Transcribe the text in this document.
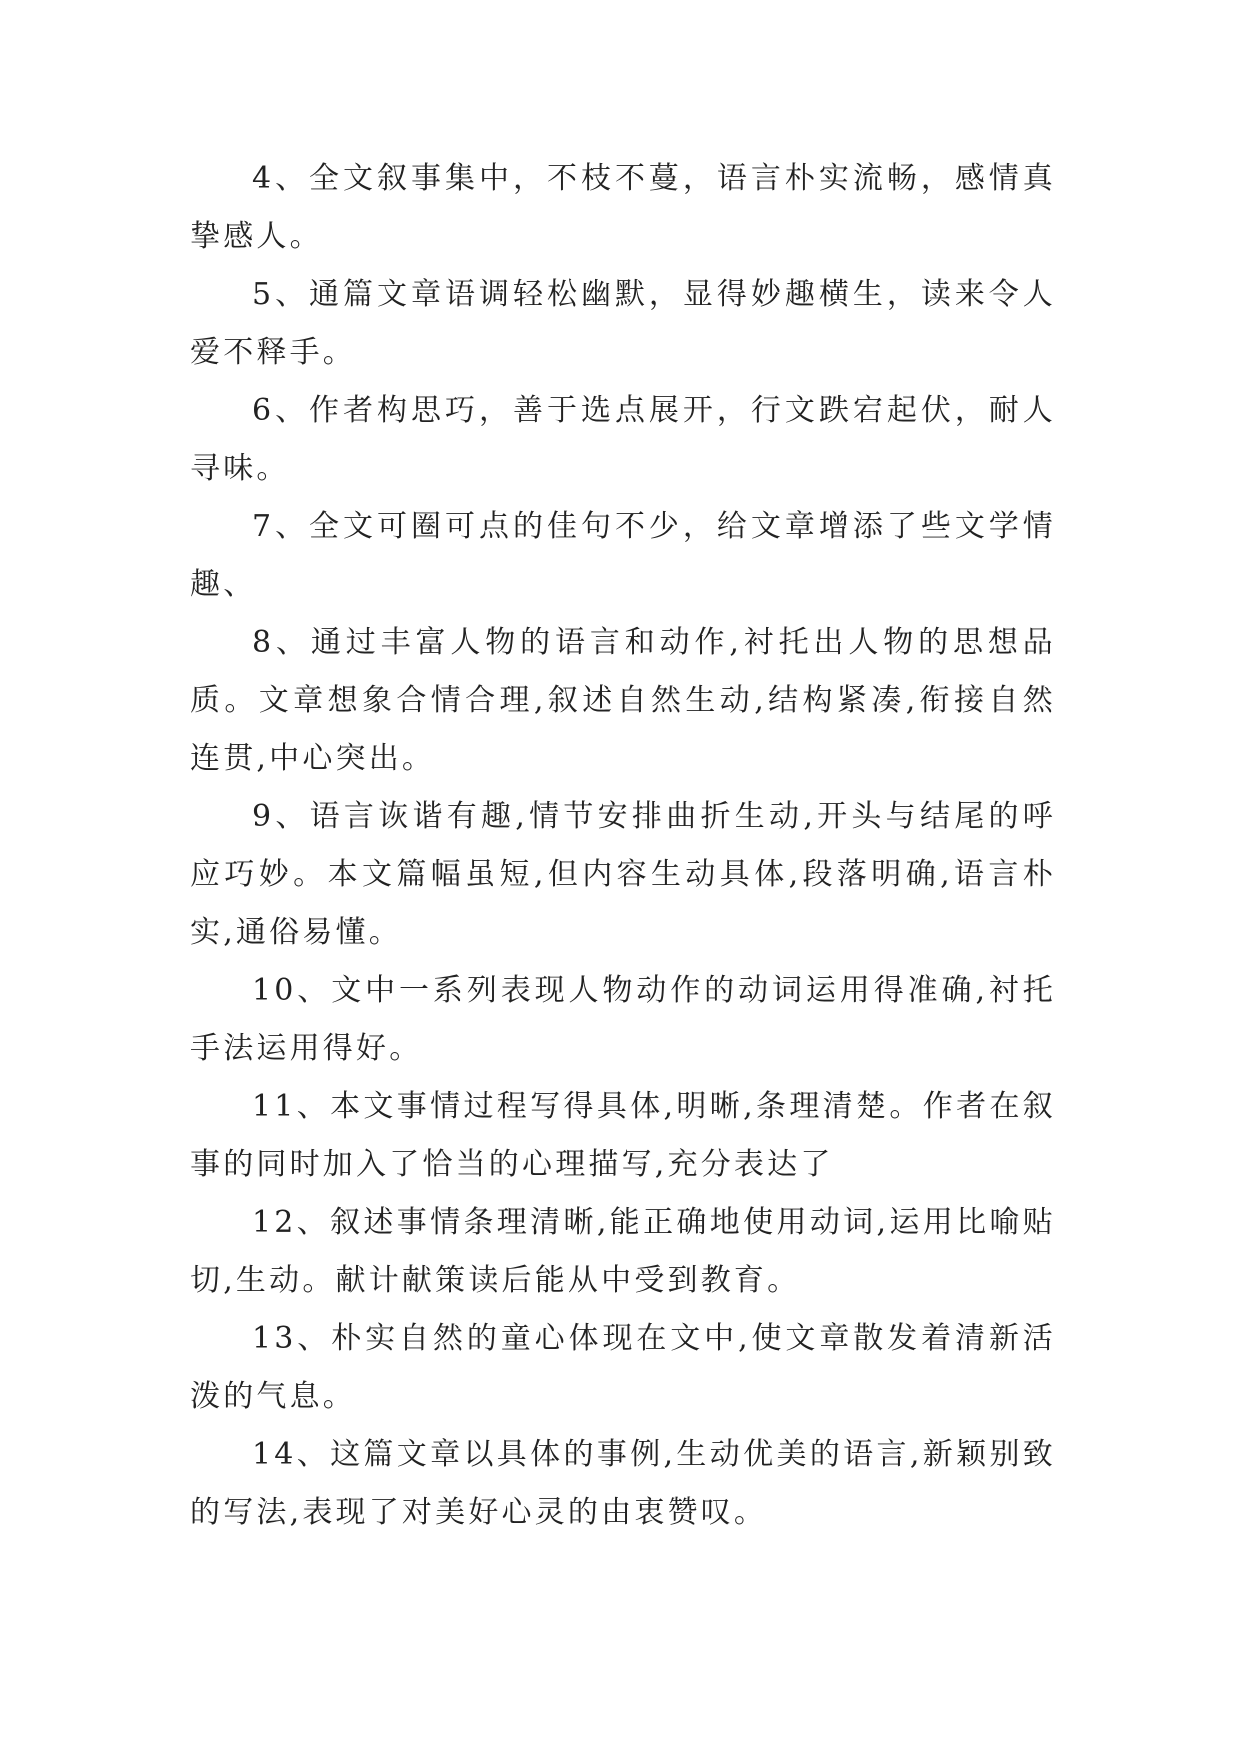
4、全文叙事集中，不枝不蔓，语言朴实流畅，感情真挚感人。

5、通篇文章语调轻松幽默，显得妙趣横生，读来令人爱不释手。

6、作者构思巧，善于选点展开，行文跌宕起伏，耐人寻味。

7、全文可圈可点的佳句不少，给文章增添了些文学情趣、

8、通过丰富人物的语言和动作,衬托出人物的思想品质。文章想象合情合理,叙述自然生动,结构紧凑,衔接自然连贯,中心突出。

9、语言诙谐有趣,情节安排曲折生动,开头与结尾的呼应巧妙。本文篇幅虽短,但内容生动具体,段落明确,语言朴实,通俗易懂。

10、文中一系列表现人物动作的动词运用得准确,衬托手法运用得好。

11、本文事情过程写得具体,明晰,条理清楚。作者在叙事的同时加入了恰当的心理描写,充分表达了

12、叙述事情条理清晰,能正确地使用动词,运用比喻贴切,生动。献计献策读后能从中受到教育。

13、朴实自然的童心体现在文中,使文章散发着清新活泼的气息。

14、这篇文章以具体的事例,生动优美的语言,新颖别致的写法,表现了对美好心灵的由衷赞叹。
